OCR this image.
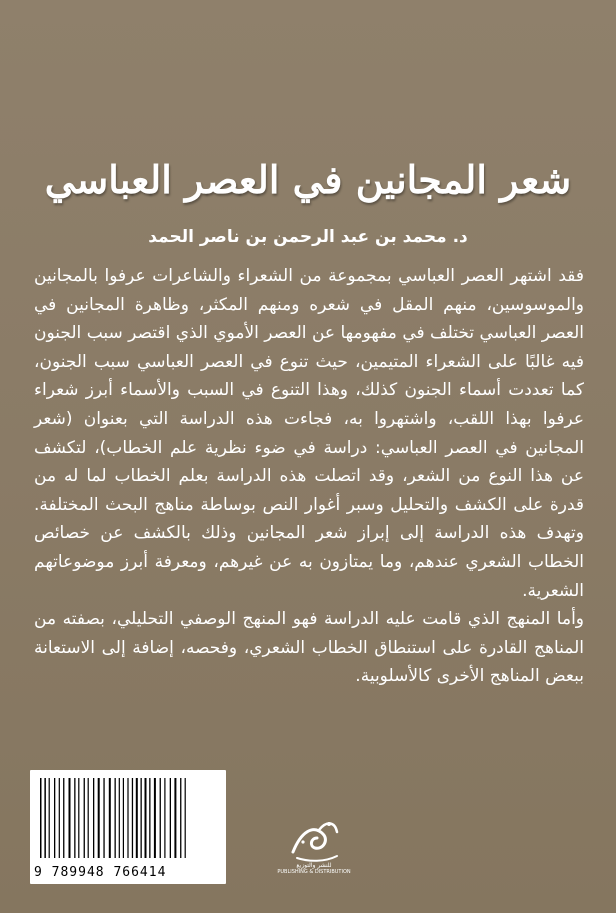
شعر المجانين في العصر العباسي
د. محمد بن عبد الرحمن بن ناصر الحمد

فقد اشتهر العصر العباسي بمجموعة من الشعراء والشاعرات عرفوا بالمجانين والموسوسين، منهم المقل في شعره ومنهم المكثر، وظاهرة المجانين في العصر العباسي تختلف في مفهومها عن العصر الأموي الذي اقتصر سبب الجنون فيه غالبًا على الشعراء المتيمين، حيث تنوع في العصر العباسي سبب الجنون، كما تعددت أسماء الجنون كذلك، وهذا التنوع في السبب والأسماء أبرز شعراء عرفوا بهذا اللقب، واشتهروا به، فجاءت هذه الدراسة التي بعنوان (شعر المجانين في العصر العباسي: دراسة في ضوء نظرية علم الخطاب)، لتكشف عن هذا النوع من الشعر، وقد اتصلت هذه الدراسة بعلم الخطاب لما له من قدرة على الكشف والتحليل وسبر أغوار النص بوساطة مناهج البحث المختلفة. وتهدف هذه الدراسة إلى إبراز شعر المجانين وذلك بالكشف عن خصائص الخطاب الشعري عندهم، وما يمتازون به عن غيرهم، ومعرفة أبرز موضوعاتهم الشعرية.

وأما المنهج الذي قامت عليه الدراسة فهو المنهج الوصفي التحليلي، بصفته من المناهج القادرة على استنطاق الخطاب الشعري، وفحصه، إضافة إلى الاستعانة ببعض المناهج الأخرى كالأسلوبية.

9 789948 766414	للنشر والتوزيع
PUBLISHING & DISTRIBUTION
